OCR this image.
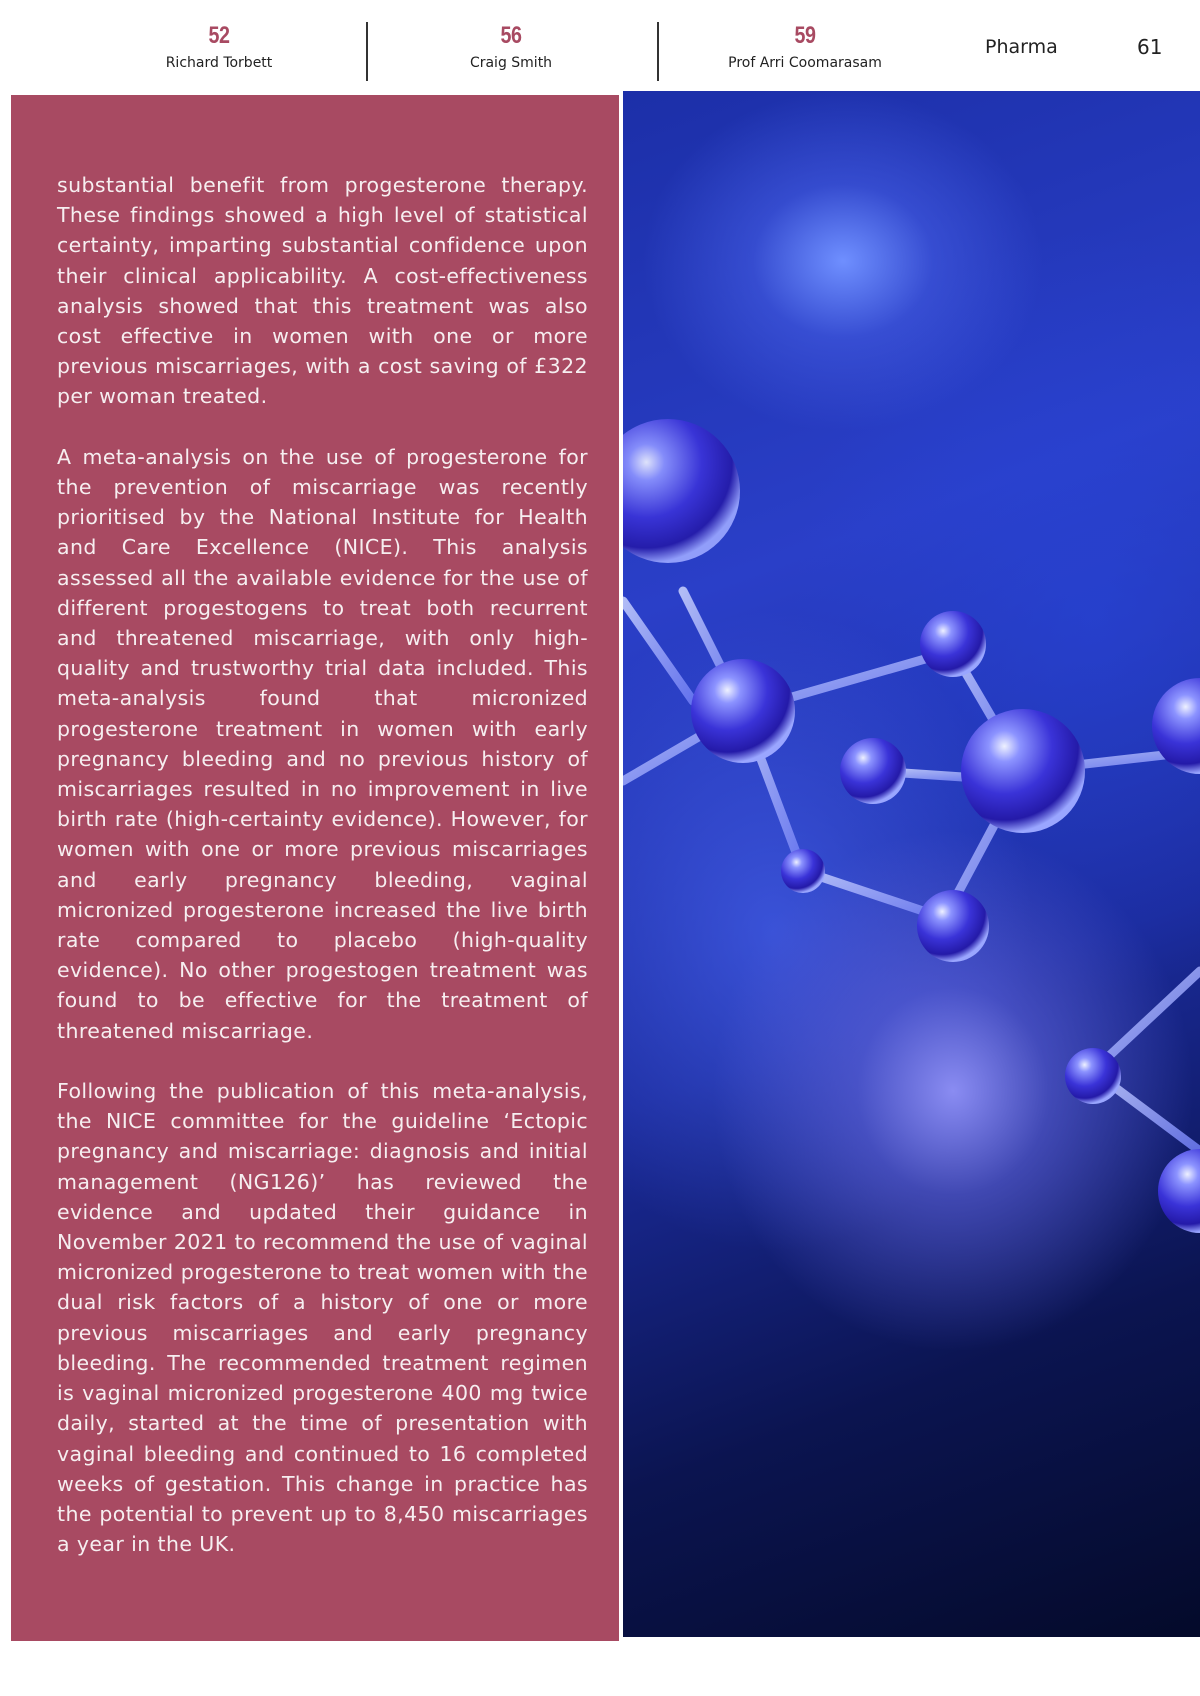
52
Richard Torbett
56
Craig Smith
59
Prof Arri Coomarasam
Pharma	61

substantial benefit from progesterone therapy. These findings showed a high level of statistical certainty, imparting substantial confidence upon their clinical applicability. A cost-effectiveness analysis showed that this treatment was also cost effective in women with one or more previous miscarriages, with a cost saving of £322 per woman treated.

A meta-analysis on the use of progesterone for the prevention of miscarriage was recently prioritised by the National Institute for Health and Care Excellence (NICE). This analysis assessed all the available evidence for the use of different progestogens to treat both recurrent and threatened miscarriage, with only high-quality and trustworthy trial data included. This meta-analysis found that micronized progesterone treatment in women with early pregnancy bleeding and no previous history of miscarriages resulted in no improvement in live birth rate (high-certainty evidence). However, for women with one or more previous miscarriages and early pregnancy bleeding, vaginal micronized progesterone increased the live birth rate compared to placebo (high-quality evidence). No other progestogen treatment was found to be effective for the treatment of threatened miscarriage.

Following the publication of this meta-analysis, the NICE committee for the guideline ‘Ectopic pregnancy and miscarriage: diagnosis and initial management (NG126)’ has reviewed the evidence and updated their guidance in November 2021 to recommend the use of vaginal micronized progesterone to treat women with the dual risk factors of a history of one or more previous miscarriages and early pregnancy bleeding. The recommended treatment regimen is vaginal micronized progesterone 400 mg twice daily, started at the time of presentation with vaginal bleeding and continued to 16 completed weeks of gestation. This change in practice has the potential to prevent up to 8,450 miscarriages a year in the UK.
